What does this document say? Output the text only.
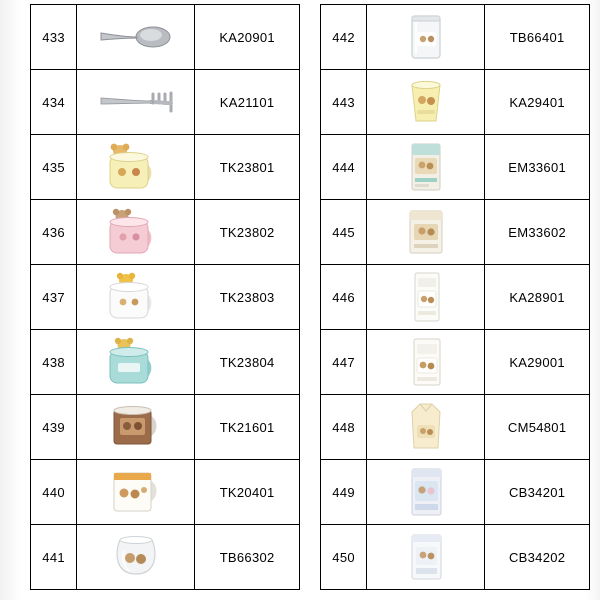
433		KA20901
434		KA21101
435		TK23801
436		TK23802
437		TK23803
438		TK23804
439		TK21601
440		TK20401
441		TB66302
442		TB66401
443		KA29401
444		EM33601
445		EM33602
446		KA28901
447		KA29001
448		CM54801
449		CB34201
450		CB34202
